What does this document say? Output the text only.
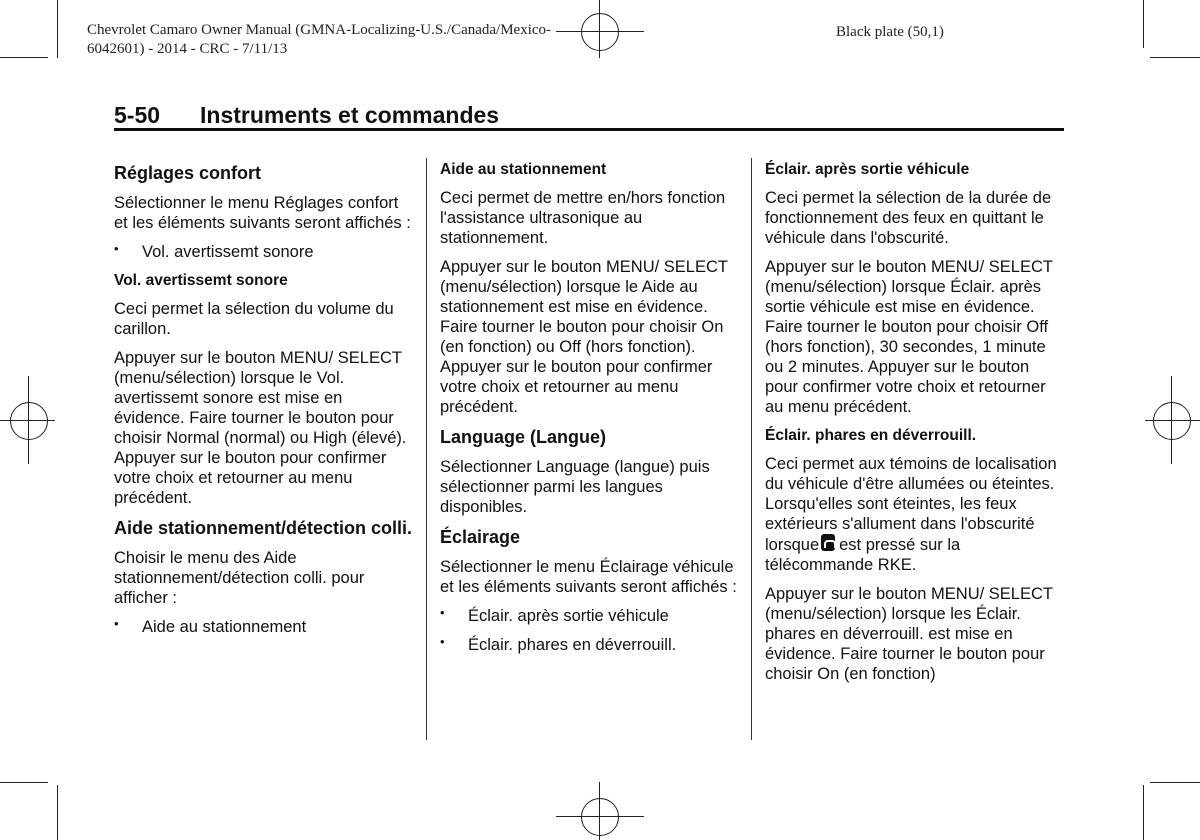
Chevrolet Camaro Owner Manual (GMNA-Localizing-U.S./Canada/Mexico-
6042601) - 2014 - CRC - 7/11/13
Black plate (50,1)
5-50 Instruments et commandes
Réglages confort

Sélectionner le menu Réglages confort et les éléments suivants seront affichés :

• Vol. avertissemt sonore
Vol. avertissemt sonore

Ceci permet la sélection du volume du carillon.

Appuyer sur le bouton MENU/ SELECT (menu/sélection) lorsque le Vol. avertissemt sonore est mise en évidence. Faire tourner le bouton pour choisir Normal (normal) ou High (élevé). Appuyer sur le bouton pour confirmer votre choix et retourner au menu précédent.

Aide stationnement/détection colli.

Choisir le menu des Aide stationnement/détection colli. pour afficher :

• Aide au stationnement
Aide au stationnement

Ceci permet de mettre en/hors fonction l'assistance ultrasonique au stationnement.

Appuyer sur le bouton MENU/ SELECT (menu/sélection) lorsque le Aide au stationnement est mise en évidence. Faire tourner le bouton pour choisir On (en fonction) ou Off (hors fonction). Appuyer sur le bouton pour confirmer votre choix et retourner au menu précédent.

Language (Langue)

Sélectionner Language (langue) puis sélectionner parmi les langues disponibles.

Éclairage

Sélectionner le menu Éclairage véhicule et les éléments suivants seront affichés :

• Éclair. après sortie véhicule
• Éclair. phares en déverrouill.
Éclair. après sortie véhicule

Ceci permet la sélection de la durée de fonctionnement des feux en quittant le véhicule dans l'obscurité.

Appuyer sur le bouton MENU/ SELECT (menu/sélection) lorsque Éclair. après sortie véhicule est mise en évidence. Faire tourner le bouton pour choisir Off (hors fonction), 30 secondes, 1 minute ou 2 minutes. Appuyer sur le bouton pour confirmer votre choix et retourner au menu précédent.

Éclair. phares en déverrouill.

Ceci permet aux témoins de localisation du véhicule d'être allumées ou éteintes. Lorsqu'elles sont éteintes, les feux extérieurs s'allument dans l'obscurité
lorsque est pressé sur la télécommande RKE.

Appuyer sur le bouton MENU/ SELECT (menu/sélection) lorsque les Éclair. phares en déverrouill. est mise en évidence. Faire tourner le bouton pour choisir On (en fonction)
